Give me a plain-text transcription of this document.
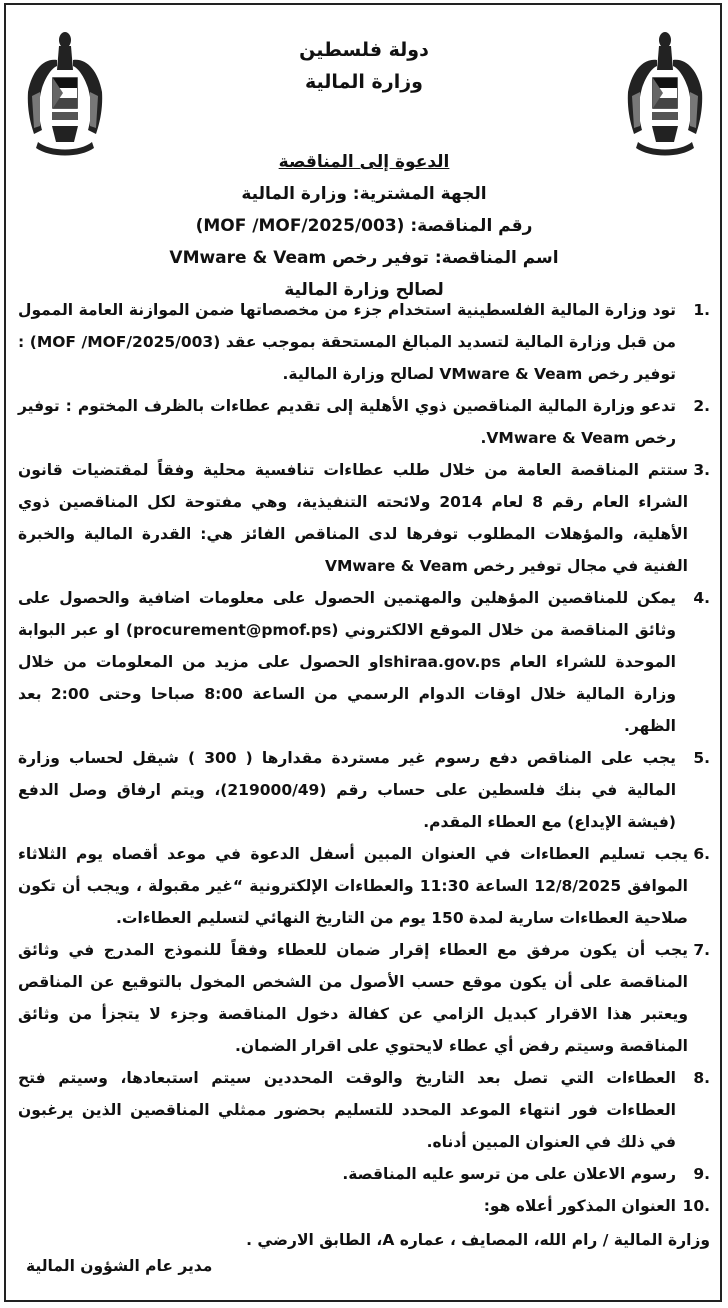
دولة فلسطين
وزارة المالية
الدعوة إلى المناقصة
الجهة المشترية: وزارة المالية
رقم المناقصة: (MOF /MOF/2025/003)
اسم المناقصة: توفير رخص VMware & Veam
لصالح وزارة المالية
.1
تود وزارة المالية الفلسطينية استخدام جزء من مخصصاتها ضمن الموازنة العامة الممول من قبل وزارة المالية لتسديد المبالغ المستحقة بموجب عقد (MOF /MOF/2025/003) : توفير رخص VMware & Veam لصالح وزارة المالية.
.2
تدعو وزارة المالية المناقصين ذوي الأهلية إلى تقديم عطاءات بالظرف المختوم : توفير رخص VMware & Veam.
.3
ستتم المناقصة العامة من خلال طلب عطاءات تنافسية محلية وفقاً لمقتضيات قانون الشراء العام رقم 8 لعام 2014 ولائحته التنفيذية، وهي مفتوحة لكل المناقصين ذوي الأهلية، والمؤهلات المطلوب توفرها لدى المناقص الفائز هي: القدرة المالية والخبرة الفنية في مجال توفير رخص VMware & Veam
.4
يمكن للمناقصين المؤهلين والمهتمين الحصول على معلومات اضافية والحصول على وثائق المناقصة من خلال الموقع الالكتروني (procurement@pmof.ps) او عبر البوابة الموحدة للشراء العام shiraa.gov.psاو الحصول على مزيد من المعلومات من خلال وزارة المالية خلال اوقات الدوام الرسمي من الساعة 8:00 صباحا وحتى 2:00 بعد الظهر.
.5
يجب على المناقص دفع رسوم غير مستردة مقدارها ( 300 ) شيقل لحساب وزارة المالية في بنك فلسطين على حساب رقم (219000/49)، ويتم ارفاق وصل الدفع (فيشة الإيداع) مع العطاء المقدم.
.6
يجب تسليم العطاءات في العنوان المبين أسفل الدعوة في موعد أقصاه يوم الثلاثاء الموافق 12/8/2025 الساعة 11:30 والعطاءات الإلكترونية “غير مقبولة ، ويجب أن تكون صلاحية العطاءات سارية لمدة 150 يوم من التاريخ النهائي لتسليم العطاءات.
.7
يجب أن يكون مرفق مع العطاء إقرار ضمان للعطاء وفقاً للنموذج المدرج في وثائق المناقصة على أن يكون موقع حسب الأصول من الشخص المخول بالتوقيع عن المناقص ويعتبر هذا الاقرار كبديل الزامي عن كفالة دخول المناقصة وجزء لا يتجزأ من وثائق المناقصة وسيتم رفض أي عطاء لايحتوي على اقرار الضمان.
.8
العطاءات التي تصل بعد التاريخ والوقت المحددين سيتم استبعادها، وسيتم فتح العطاءات فور انتهاء الموعد المحدد للتسليم بحضور ممثلي المناقصين الذين يرغبون في ذلك في العنوان المبين أدناه.
.9
رسوم الاعلان على من ترسو عليه المناقصة.
.10
العنوان المذكور أعلاه هو:
وزارة المالية / رام الله، المصايف ، عماره A، الطابق الارضي .
مدير عام الشؤون المالية
